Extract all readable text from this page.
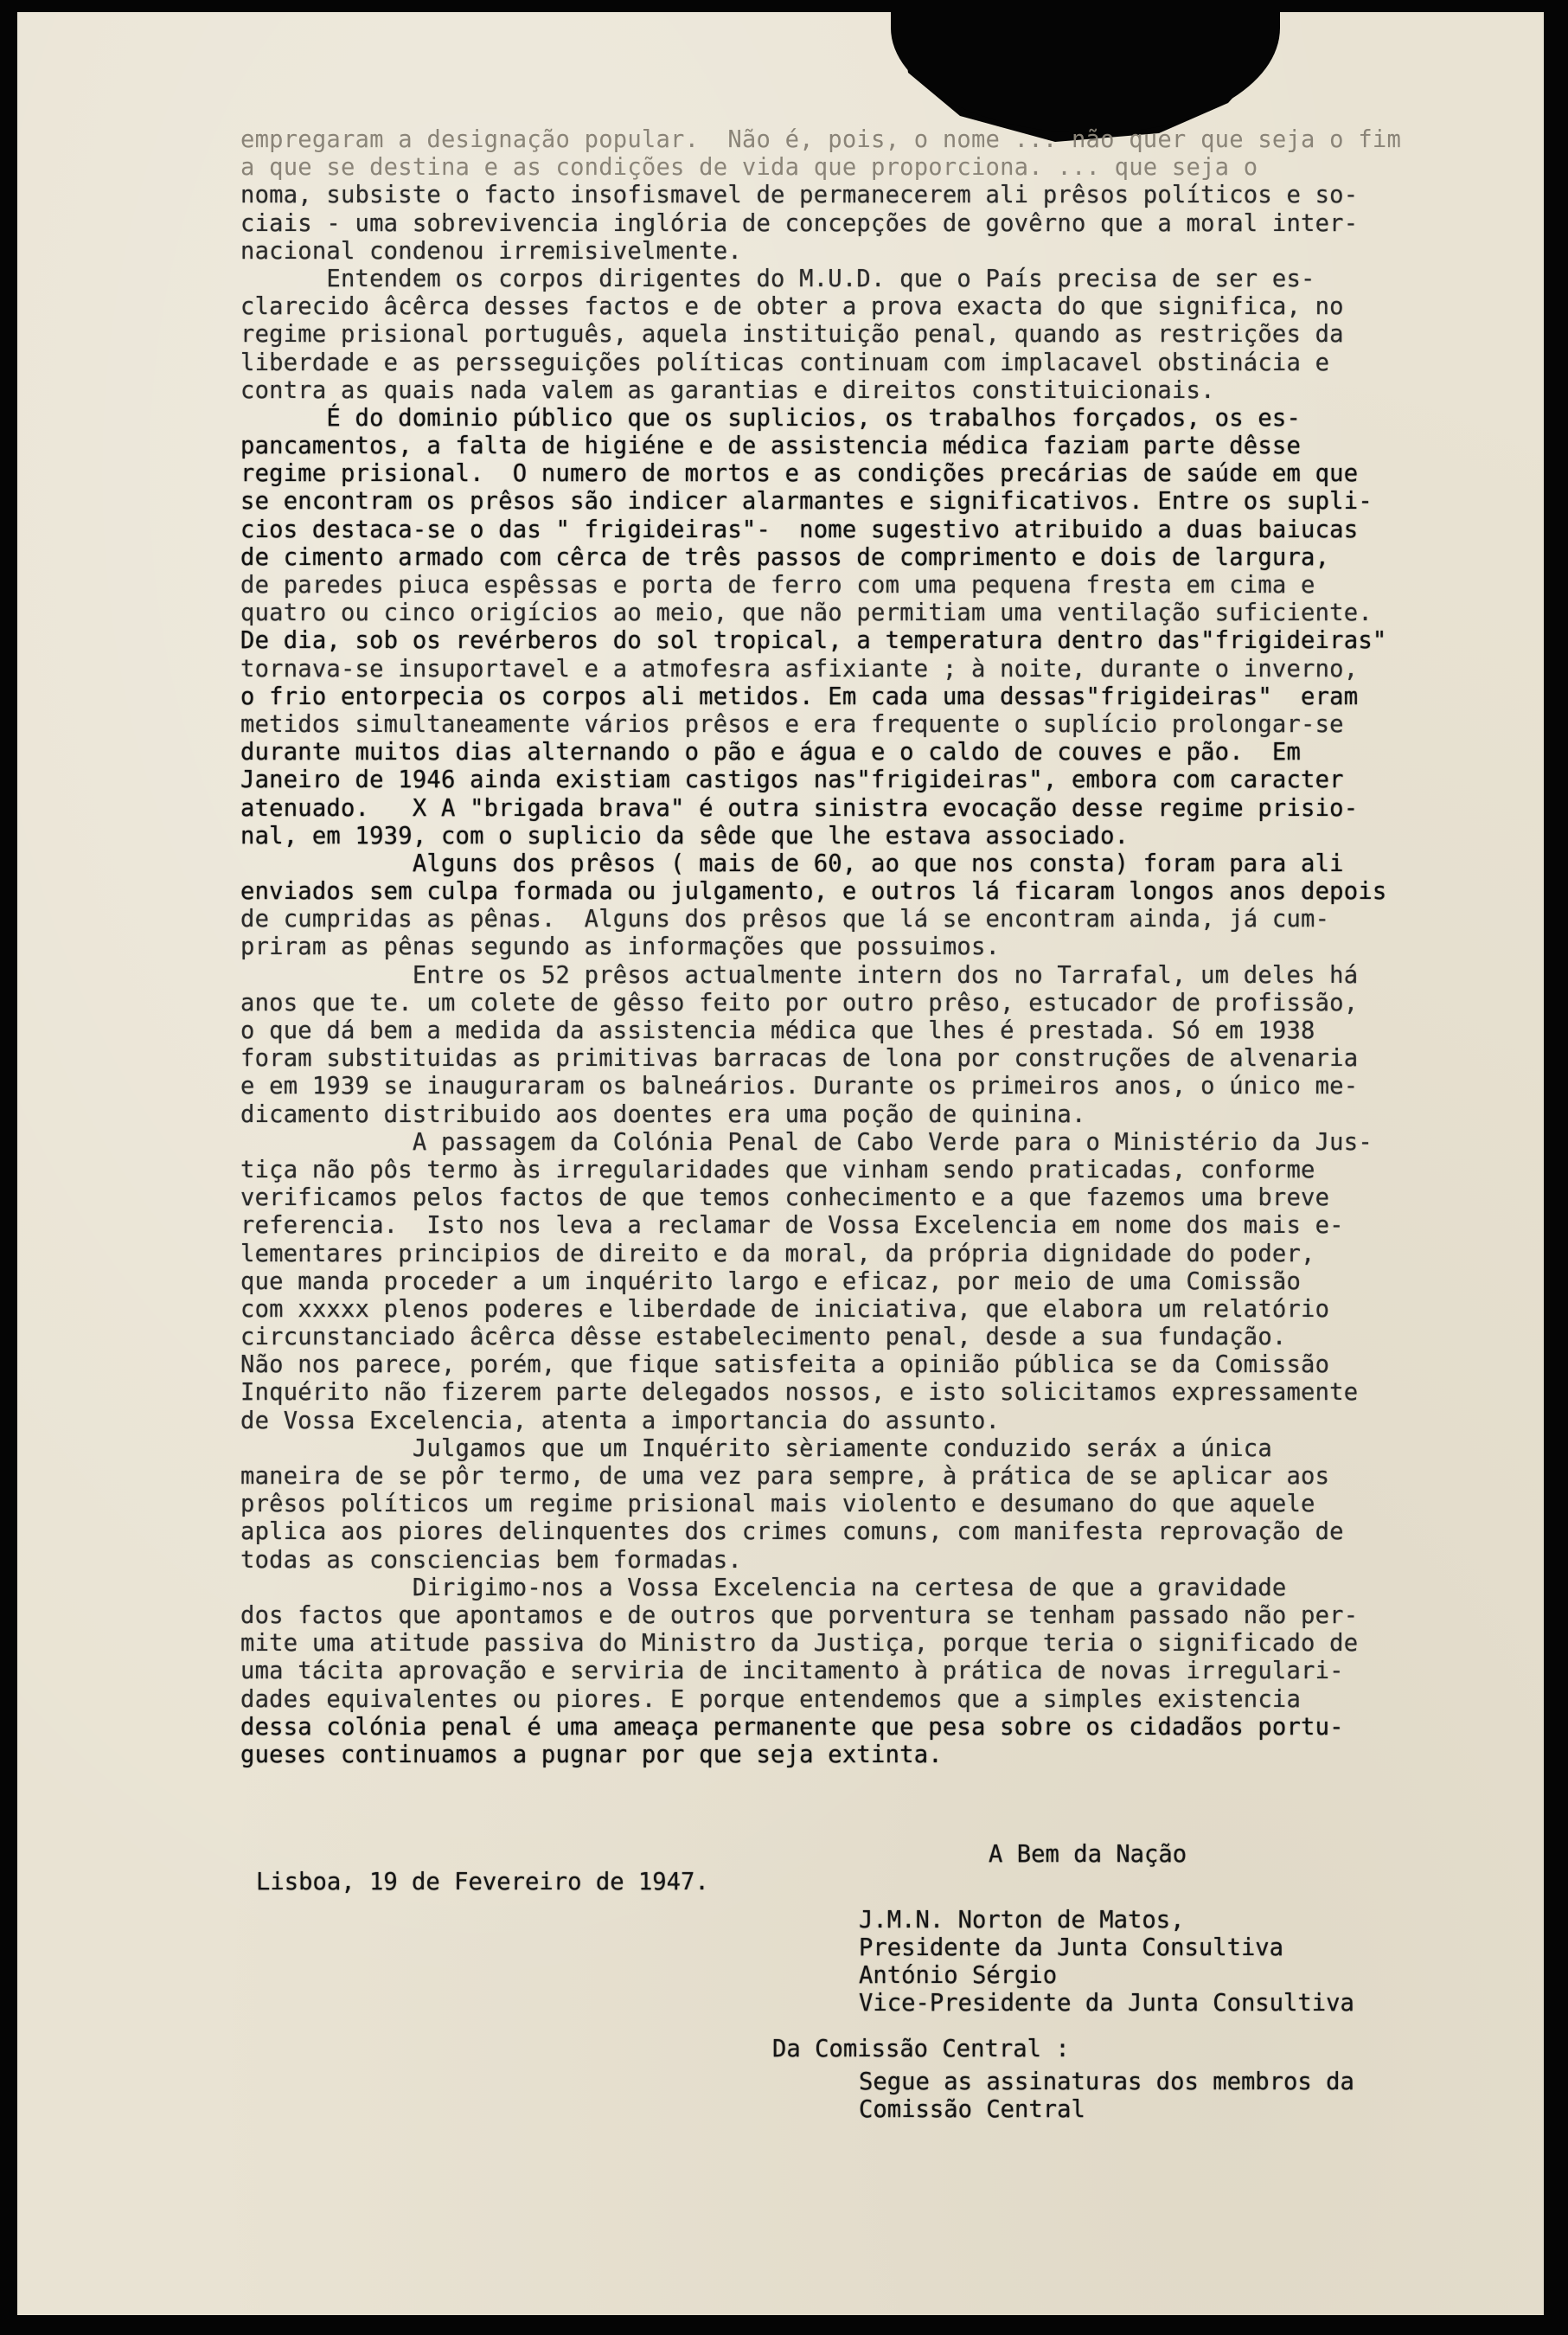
empregaram a designação popular.  Não é, pois, o nome ... não quer que seja o fim
a que se destina e as condições de vida que proporciona. ... que seja o
noma, subsiste o facto insofismavel de permanecerem ali prêsos políticos e so-
ciais - uma sobrevivencia inglória de concepções de govêrno que a moral inter-
nacional condenou irremisivelmente.
Entendem os corpos dirigentes do M.U.D. que o País precisa de ser es-
clarecido âcêrca desses factos e de obter a prova exacta do que significa, no
regime prisional português, aquela instituição penal, quando as restrições da
liberdade e as persseguições políticas continuam com implacavel obstinácia e
contra as quais nada valem as garantias e direitos constituicionais.
É do dominio público que os suplicios, os trabalhos forçados, os es-
pancamentos, a falta de higiéne e de assistencia médica faziam parte dêsse
regime prisional.  O numero de mortos e as condições precárias de saúde em que
se encontram os prêsos são indicer alarmantes e significativos. Entre os supli-
cios destaca-se o das " frigideiras"-  nome sugestivo atribuido a duas baiucas
de cimento armado com cêrca de três passos de comprimento e dois de largura,
de paredes piuca espêssas e porta de ferro com uma pequena fresta em cima e
quatro ou cinco origícios ao meio, que não permitiam uma ventilação suficiente.
De dia, sob os revérberos do sol tropical, a temperatura dentro das"frigideiras"
tornava-se insuportavel e a atmofesra asfixiante ; à noite, durante o inverno,
o frio entorpecia os corpos ali metidos. Em cada uma dessas"frigideiras"  eram
metidos simultaneamente vários prêsos e era frequente o suplício prolongar-se
durante muitos dias alternando o pão e água e o caldo de couves e pão.  Em
Janeiro de 1946 ainda existiam castigos nas"frigideiras", embora com caracter
atenuado.   X A "brigada brava" é outra sinistra evocação desse regime prisio-
nal, em 1939, com o suplicio da sêde que lhe estava associado.
Alguns dos prêsos ( mais de 60, ao que nos consta) foram para ali
enviados sem culpa formada ou julgamento, e outros lá ficaram longos anos depois
de cumpridas as pênas.  Alguns dos prêsos que lá se encontram ainda, já cum-
priram as pênas segundo as informações que possuimos.
Entre os 52 prêsos actualmente intern dos no Tarrafal, um deles há
anos que te. um colete de gêsso feito por outro prêso, estucador de profissão,
o que dá bem a medida da assistencia médica que lhes é prestada. Só em 1938
foram substituidas as primitivas barracas de lona por construções de alvenaria
e em 1939 se inauguraram os balneários. Durante os primeiros anos, o único me-
dicamento distribuido aos doentes era uma poção de quinina.
A passagem da Colónia Penal de Cabo Verde para o Ministério da Jus-
tiça não pôs termo às irregularidades que vinham sendo praticadas, conforme
verificamos pelos factos de que temos conhecimento e a que fazemos uma breve
referencia.  Isto nos leva a reclamar de Vossa Excelencia em nome dos mais e-
lementares principios de direito e da moral, da própria dignidade do poder,
que manda proceder a um inquérito largo e eficaz, por meio de uma Comissão
com xxxxx plenos poderes e liberdade de iniciativa, que elabora um relatório
circunstanciado âcêrca dêsse estabelecimento penal, desde a sua fundação.
Não nos parece, porém, que fique satisfeita a opinião pública se da Comissão
Inquérito não fizerem parte delegados nossos, e isto solicitamos expressamente
de Vossa Excelencia, atenta a importancia do assunto.
Julgamos que um Inquérito sèriamente conduzido seráx a única
maneira de se pôr termo, de uma vez para sempre, à prática de se aplicar aos
prêsos políticos um regime prisional mais violento e desumano do que aquele
aplica aos piores delinquentes dos crimes comuns, com manifesta reprovação de
todas as consciencias bem formadas.
Dirigimo-nos a Vossa Excelencia na certesa de que a gravidade
dos factos que apontamos e de outros que porventura se tenham passado não per-
mite uma atitude passiva do Ministro da Justiça, porque teria o significado de
uma tácita aprovação e serviria de incitamento à prática de novas irregulari-
dades equivalentes ou piores. E porque entendemos que a simples existencia
dessa colónia penal é uma ameaça permanente que pesa sobre os cidadãos portu-
gueses continuamos a pugnar por que seja extinta.
A Bem da Nação
Lisboa, 19 de Fevereiro de 1947.
J.M.N. Norton de Matos,
Presidente da Junta Consultiva
António Sérgio
Vice-Presidente da Junta Consultiva
Da Comissão Central :
Segue as assinaturas dos membros da
Comissão Central
